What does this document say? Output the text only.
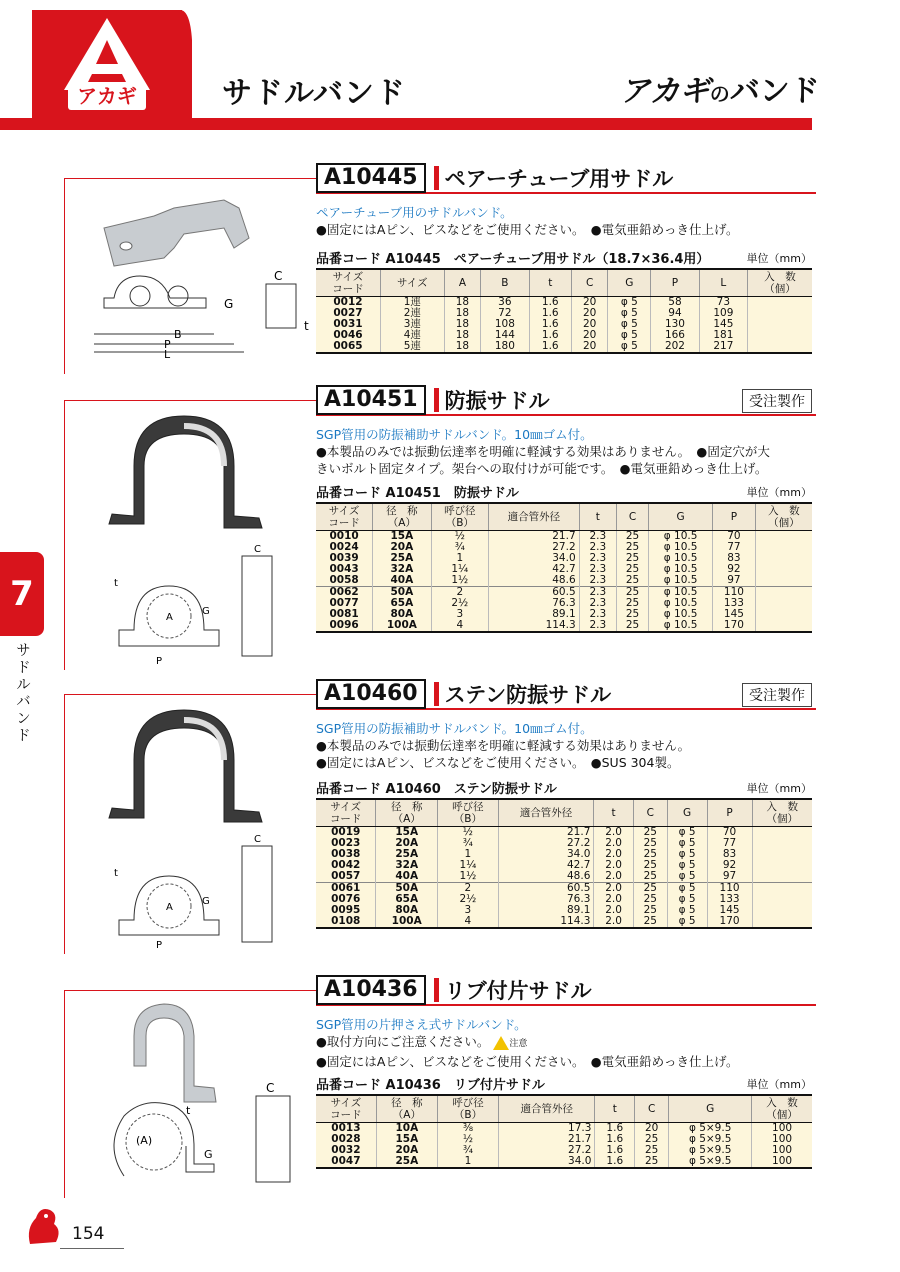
アカギ	サドルバンド	アカギのバンド
7
サドルバンド
A10445	ペアーチューブ用サドル
ペアーチューブ用のサドルバンド。
●固定にはAピン、ビスなどをご使用ください。　●電気亜鉛めっき仕上げ。
品番コード A10445　ペアーチューブ用サドル（18.7×36.4用）	単位（mm）
サイズ
コード	サイズ	A	B	t	C	G	P	L	入　数
（個）
0012	1連	18	36	1.6	20	φ 5	58	73	
0027	2連	18	72	1.6	20	φ 5	94	109	
0031	3連	18	108	1.6	20	φ 5	130	145	
0046	4連	18	144	1.6	20	φ 5	166	181	
0065	5連	18	180	1.6	20	φ 5	202	217	
C
G
t
B
P
L
A10451	防振サドル	受注製作
SGP管用の防振補助サドルバンド。10㎜ゴム付。
●本製品のみでは振動伝達率を明確に軽減する効果はありません。　●固定穴が大
きいボルト固定タイプ。架台への取付けが可能です。　●電気亜鉛めっき仕上げ。
品番コード A10451　防振サドル	単位（mm）
サイズ
コード	径　称
（A）	呼び径
（B）	適合管外径	t	C	G	P	入　数
（個）
0010	15A	½	21.7	2.3	25	φ 10.5	70	
0024	20A	¾	27.2	2.3	25	φ 10.5	77	
0039	25A	1	34.0	2.3	25	φ 10.5	83	
0043	32A	1¼	42.7	2.3	25	φ 10.5	92	
0058	40A	1½	48.6	2.3	25	φ 10.5	97	
0062	50A	2	60.5	2.3	25	φ 10.5	110	
0077	65A	2½	76.3	2.3	25	φ 10.5	133	
0081	80A	3	89.1	2.3	25	φ 10.5	145	
0096	100A	4	114.3	2.3	25	φ 10.5	170	
C
t
A
G
P
A10460	ステン防振サドル	受注製作
SGP管用の防振補助サドルバンド。10㎜ゴム付。
●本製品のみでは振動伝達率を明確に軽減する効果はありません。
●固定にはAピン、ビスなどをご使用ください。　●SUS 304製。
品番コード A10460　ステン防振サドル	単位（mm）
サイズ
コード	径　称
（A）	呼び径
（B）	適合管外径	t	C	G	P	入　数
（個）
0019	15A	½	21.7	2.0	25	φ 5	70	
0023	20A	¾	27.2	2.0	25	φ 5	77	
0038	25A	1	34.0	2.0	25	φ 5	83	
0042	32A	1¼	42.7	2.0	25	φ 5	92	
0057	40A	1½	48.6	2.0	25	φ 5	97	
0061	50A	2	60.5	2.0	25	φ 5	110	
0076	65A	2½	76.3	2.0	25	φ 5	133	
0095	80A	3	89.1	2.0	25	φ 5	145	
0108	100A	4	114.3	2.0	25	φ 5	170	
C
t
A
G
P
A10436	リブ付片サドル
SGP管用の片押さえ式サドルバンド。
●取付方向にご注意ください。 注意
●固定にはAピン、ビスなどをご使用ください。　●電気亜鉛めっき仕上げ。
品番コード A10436　リブ付片サドル	単位（mm）
サイズ
コード	径　称
（A）	呼び径
（B）	適合管外径	t	C	G	入　数
（個）
0013	10A	⅜	17.3	1.6	20	φ 5×9.5	100
0028	15A	½	21.7	1.6	25	φ 5×9.5	100
0032	20A	¾	27.2	1.6	25	φ 5×9.5	100
0047	25A	1	34.0	1.6	25	φ 5×9.5	100
C
t
(A)
G
154
